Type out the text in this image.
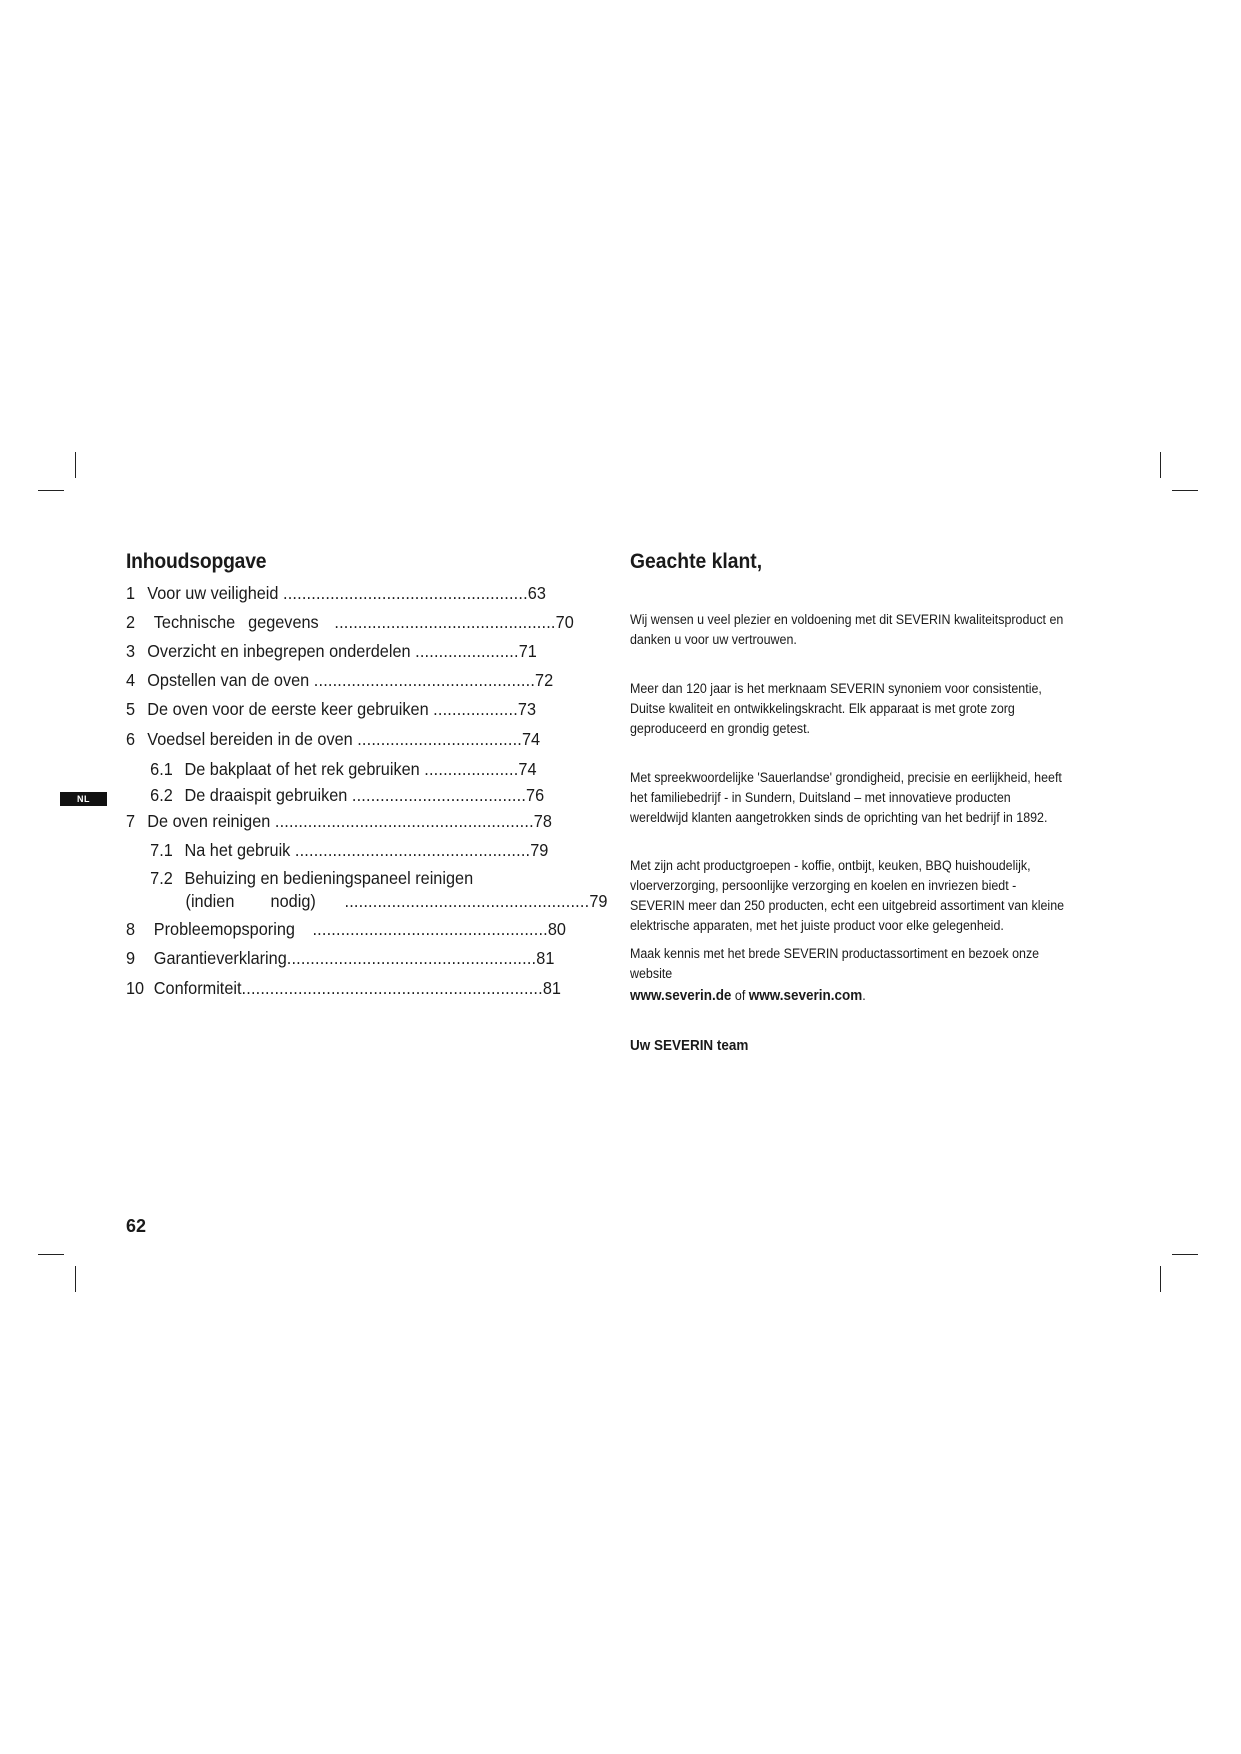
NL
Inhoudsopgave
1 Voor uw veiligheid ....................................................63
2 Technische gegevens ...............................................70
3 Overzicht en inbegrepen onderdelen ......................71
4 Opstellen van de oven ...............................................72
5 De oven voor de eerste keer gebruiken ..................73
6 Voedsel bereiden in de oven ...................................74
6.1 De bakplaat of het rek gebruiken ....................74
6.2 De draaispit gebruiken .....................................76
7 De oven reinigen .......................................................78
7.1 Na het gebruik ..................................................79
7.2 Behuizing en bedieningspaneel reinigen
(indien        nodig) ....................................................79
8 Probleemopsporing ..................................................80
9 Garantieverklaring.....................................................81
10 Conformiteit................................................................81
Geachte klant,

Wij wensen u veel plezier en voldoening met dit SEVERIN kwaliteitsproduct en danken u voor uw vertrouwen.

Meer dan 120 jaar is het merknaam SEVERIN synoniem voor consistentie, Duitse kwaliteit en ontwikkelingskracht. Elk apparaat is met grote zorg geproduceerd en grondig getest.

Met spreekwoordelijke 'Sauerlandse' grondigheid, precisie en eerlijkheid, heeft het familiebedrijf - in Sundern, Duitsland – met innovatieve producten wereldwijd klanten aangetrokken sinds de oprichting van het bedrijf in 1892.

Met zijn acht productgroepen - koffie, ontbijt, keuken, BBQ huishoudelijk, vloerverzorging, persoonlijke verzorging en koelen en invriezen biedt - SEVERIN meer dan 250 producten, echt een uitgebreid assortiment van kleine elektrische apparaten, met het juiste product voor elke gelegenheid.

Maak kennis met het brede SEVERIN productassortiment en bezoek onze website

www.severin.de of www.severin.com.

Uw SEVERIN team

62
